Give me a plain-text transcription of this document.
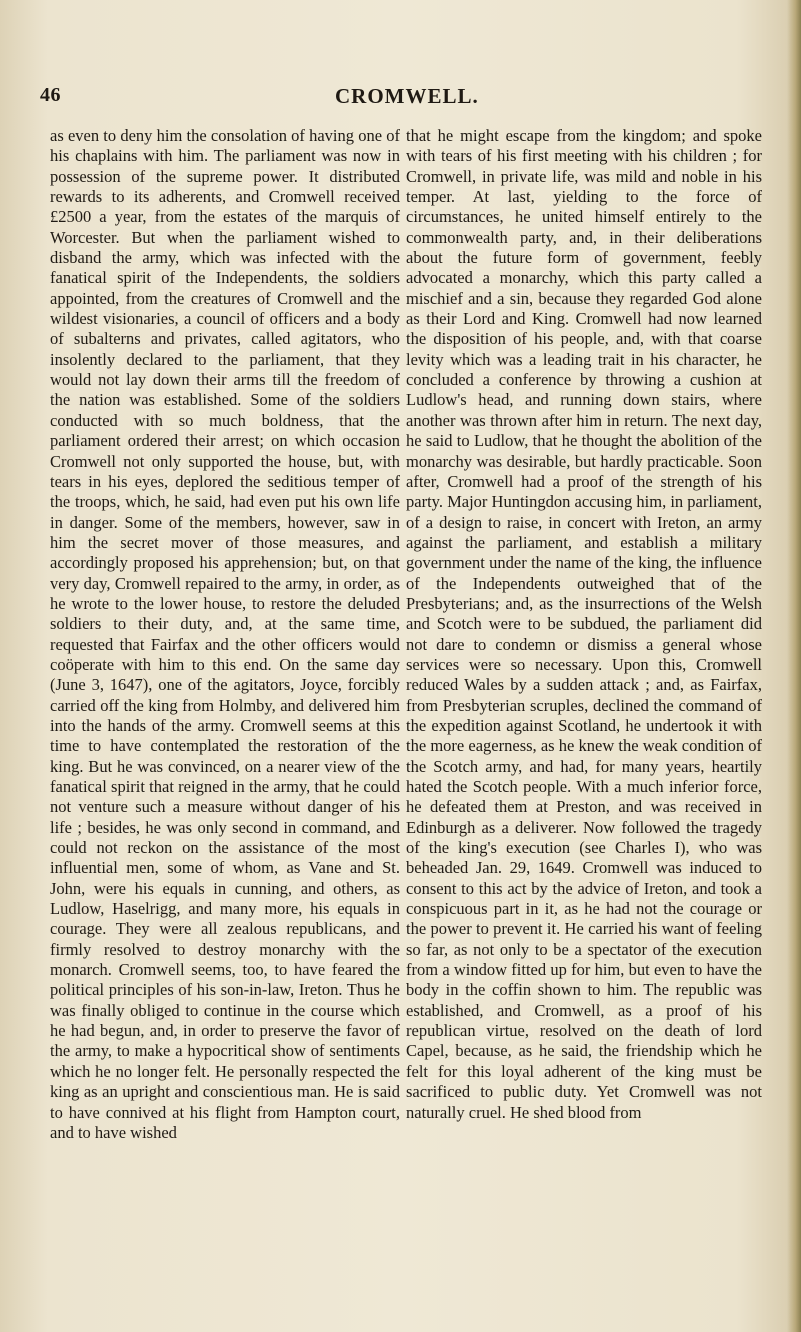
46	CROMWELL.

as even to deny him the consolation of having one of his chaplains with him. The parliament was now in possession of the supreme power. It distributed rewards to its adherents, and Cromwell received £2500 a year, from the estates of the marquis of Worcester. But when the parliament wished to disband the army, which was infected with the fanatical spirit of the Independents, the soldiers appointed, from the creatures of Cromwell and the wildest visionaries, a council of officers and a body of subalterns and privates, called agitators, who insolently declared to the parliament, that they would not lay down their arms till the freedom of the nation was established. Some of the soldiers conducted with so much boldness, that the parliament ordered their arrest; on which occasion Cromwell not only supported the house, but, with tears in his eyes, deplored the seditious temper of the troops, which, he said, had even put his own life in danger. Some of the members, however, saw in him the secret mover of those measures, and accordingly proposed his apprehension; but, on that very day, Cromwell repaired to the army, in order, as he wrote to the lower house, to restore the deluded soldiers to their duty, and, at the same time, requested that Fairfax and the other officers would coöperate with him to this end. On the same day (June 3, 1647), one of the agitators, Joyce, forcibly carried off the king from Holmby, and delivered him into the hands of the army. Cromwell seems at this time to have contemplated the restoration of the king. But he was convinced, on a nearer view of the fanatical spirit that reigned in the army, that he could not venture such a measure without danger of his life ; besides, he was only second in command, and could not reckon on the assistance of the most influential men, some of whom, as Vane and St. John, were his equals in cunning, and others, as Ludlow, Haselrigg, and many more, his equals in courage. They were all zealous republicans, and firmly resolved to destroy monarchy with the monarch. Cromwell seems, too, to have feared the political principles of his son-in-law, Ireton. Thus he was finally obliged to continue in the course which he had begun, and, in order to preserve the favor of the army, to make a hypocritical show of sentiments which he no longer felt. He personally respected the king as an upright and conscientious man. He is said to have connived at his flight from Hampton court, and to have wished

that he might escape from the kingdom; and spoke with tears of his first meeting with his children ; for Cromwell, in private life, was mild and noble in his temper. At last, yielding to the force of circumstances, he united himself entirely to the commonwealth party, and, in their deliberations about the future form of government, feebly advocated a monarchy, which this party called a mischief and a sin, because they regarded God alone as their Lord and King. Cromwell had now learned the disposition of his people, and, with that coarse levity which was a leading trait in his character, he concluded a conference by throwing a cushion at Ludlow's head, and running down stairs, where another was thrown after him in return. The next day, he said to Ludlow, that he thought the abolition of the monarchy was desirable, but hardly practicable. Soon after, Cromwell had a proof of the strength of his party. Major Huntingdon accusing him, in parliament, of a design to raise, in concert with Ireton, an army against the parliament, and establish a military government under the name of the king, the influence of the Independents outweighed that of the Presbyterians; and, as the insurrections of the Welsh and Scotch were to be subdued, the parliament did not dare to condemn or dismiss a general whose services were so necessary. Upon this, Cromwell reduced Wales by a sudden attack ; and, as Fairfax, from Presbyterian scruples, declined the command of the expedition against Scotland, he undertook it with the more eagerness, as he knew the weak condition of the Scotch army, and had, for many years, heartily hated the Scotch people. With a much inferior force, he defeated them at Preston, and was received in Edinburgh as a deliverer. Now followed the tragedy of the king's execution (see Charles I), who was beheaded Jan. 29, 1649. Cromwell was induced to consent to this act by the advice of Ireton, and took a conspicuous part in it, as he had not the courage or the power to prevent it. He carried his want of feeling so far, as not only to be a spectator of the execution from a window fitted up for him, but even to have the body in the coffin shown to him. The republic was established, and Cromwell, as a proof of his republican virtue, resolved on the death of lord Capel, because, as he said, the friendship which he felt for this loyal adherent of the king must be sacrificed to public duty. Yet Cromwell was not naturally cruel. He shed blood from
